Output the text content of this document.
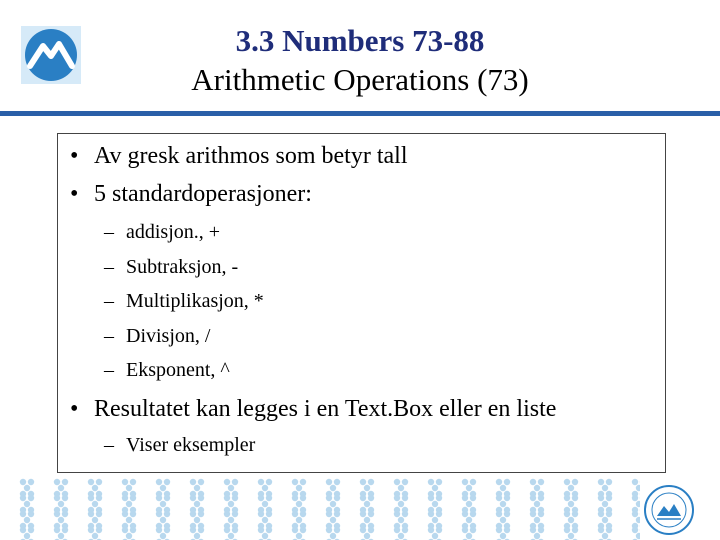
3.3 Numbers 73-88
Arithmetic Operations (73)
• Av gresk arithmos som betyr tall
• 5 standardoperasjoner:
– addisjon., +
– Subtraksjon, -
– Multiplikasjon, *
– Divisjon, /
– Eksponent, ^
• Resultatet kan legges i en Text.Box eller en liste
– Viser eksempler
